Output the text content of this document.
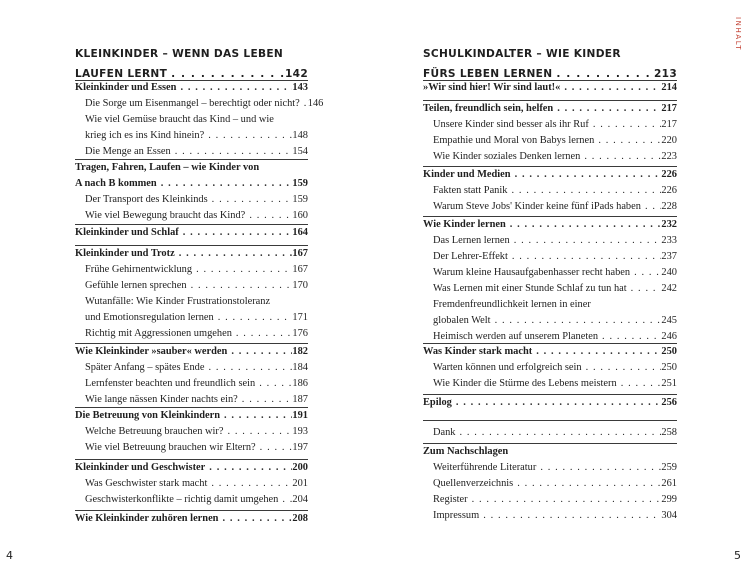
INHALT
KLEINKINDER – WENN DAS LEBEN
LAUFEN LERNT . . .	142
Kleinkinder und Essen . . .	143
Die Sorge um Eisenmangel – berechtigt oder nicht? . . . 146
Wie viel Gemüse braucht das Kind – und wie
krieg ich es ins Kind hinein? . . .	148
Die Menge an Essen . . .	154
Tragen, Fahren, Laufen – wie Kinder von
A nach B kommen . . .	159
Der Transport des Kleinkinds . . .	159
Wie viel Bewegung braucht das Kind? . . .	160
Kleinkinder und Schlaf . . .	164
Kleinkinder und Trotz . . .	167
Frühe Gehirnentwicklung . . .	167
Gefühle lernen sprechen . . .	170
Wutanfälle: Wie Kinder Frustrationstoleranz
und Emotionsregulation lernen . . .	171
Richtig mit Aggressionen umgehen . . .	176
Wie Kleinkinder »sauber« werden . . .	182
Später Anfang – spätes Ende . . .	184
Lernfenster beachten und freundlich sein . . .	186
Wie lange nässen Kinder nachts ein? . . .	187
Die Betreuung von Kleinkindern . . .	191
Welche Betreuung brauchen wir? . . .	193
Wie viel Betreuung brauchen wir Eltern? . . .	197
Kleinkinder und Geschwister . . .	200
Was Geschwister stark macht . . .	201
Geschwisterkonflikte – richtig damit umgehen . . . 204
Wie Kleinkinder zuhören lernen . . .	208
SCHULKINDALTER – WIE KINDER
FÜRS LEBEN LERNEN . . .	213
»Wir sind hier! Wir sind laut!« . . .	214
Teilen, freundlich sein, helfen . . .	217
Unsere Kinder sind besser als ihr Ruf . . .	217
Empathie und Moral von Babys lernen . . .	220
Wie Kinder soziales Denken lernen . . .	223
Kinder und Medien . . .	226
Fakten statt Panik . . .	226
Warum Steve Jobs' Kinder keine fünf iPads haben . . . 228
Wie Kinder lernen . . .	232
Das Lernen lernen . . .	233
Der Lehrer-Effekt . . .	237
Warum kleine Hausaufgabenhasser recht haben . . .	240
Was Lernen mit einer Stunde Schlaf zu tun hat . . .	242
Fremdenfreundlichkeit lernen in einer
globalen Welt . . .	245
Heimisch werden auf unserem Planeten . . .	246
Was Kinder stark macht . . .	250
Warten können und erfolgreich sein . . .	250
Wie Kinder die Stürme des Lebens meistern . . .	251
Epilog . . .	256
Dank . . .	258
Zum Nachschlagen
Weiterführende Literatur . . .	259
Quellenverzeichnis . . .	261
Register . . .	299
Impressum . . .	304
4	5
